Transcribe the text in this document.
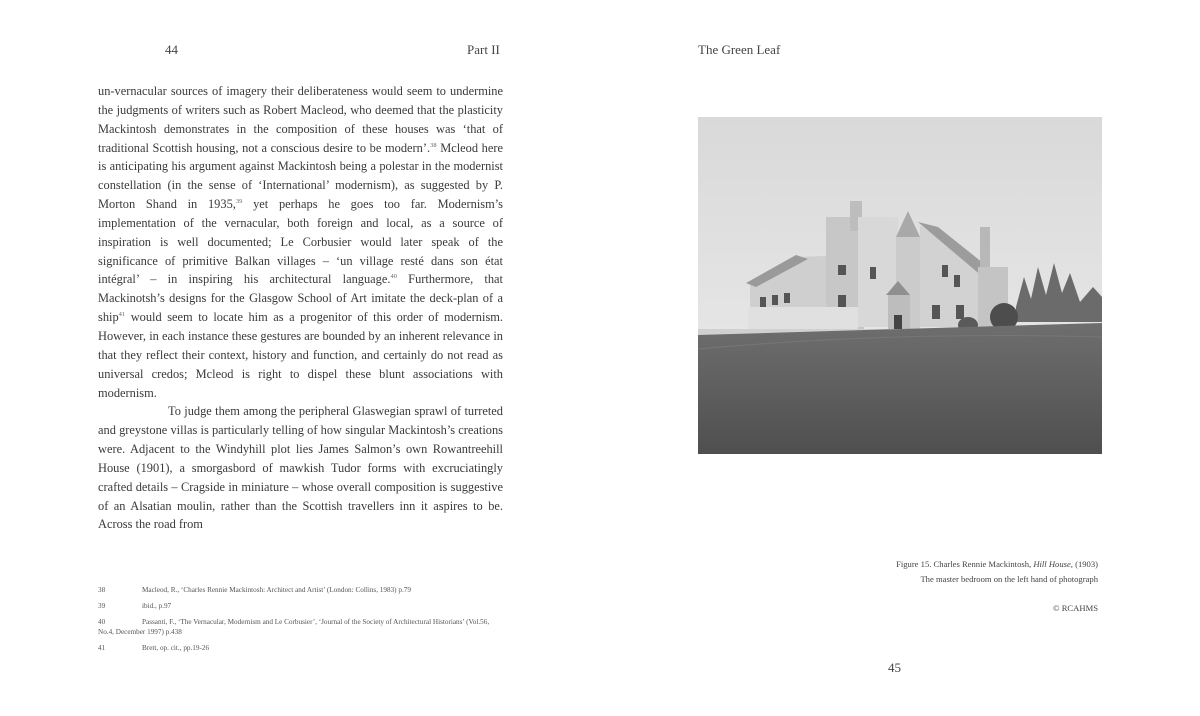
44	Part II	The Green Leaf
45

un-vernacular sources of imagery their deliberateness would seem to undermine the judgments of writers such as Robert Macleod, who deemed that the plasticity Mackintosh demonstrates in the composition of these houses was ‘that of traditional Scottish housing, not a conscious desire to be modern’.$^{38}$ Mcleod here is anticipating his argument against Mackintosh being a polestar in the modernist constellation (in the sense of ‘International’ modernism), as suggested by P. Morton Shand in 1935,39 yet perhaps he goes too far. Modernism’s implementation of the vernacular, both foreign and local, as a source of inspiration is well documented; Le Corbusier would later speak of the significance of primitive Balkan villages – ‘un village resté dans son état intégral’ – in inspiring his architectural language.$^{40}$ Furthermore, that Mackinotsh’s designs for the Glasgow School of Art imitate the deck-plan of a ship$^{41}$ would seem to locate him as a progenitor of this order of modernism. However, in each instance these gestures are bounded by an inherent relevance in that they reflect their context, history and function, and certainly do not read as universal credos; Mcleod is right to dispel these blunt associations with modernism.

To judge them among the peripheral Glaswegian sprawl of turreted and greystone villas is particularly telling of how singular Mackintosh’s creations were. Adjacent to the Windyhill plot lies James Salmon’s own Rowantreehill House (1901), a smorgasbord of mawkish Tudor forms with excruciatingly crafted details – Cragside in miniature – whose overall composition is suggestive of an Alsatian moulin, rather than the Scottish travellers inn it aspires to be. Across the road from

38	Macleod, R., ‘Charles Rennie Mackintosh: Architect and Artist’ (London: Collins, 1983) p.79
39	ibid., p.97
40	Passanti, F., ‘The Vernacular, Modernism and Le Corbusier’, ‘Journal of the Society of Architectural Historians’ (Vol.56, No.4, December 1997) p.438
41	Brett, op. cit., pp.19-26
Figure 15. Charles Rennie Mackintosh, Hill House, (1903)
The master bedroom on the left hand of photograph
© RCAHMS
